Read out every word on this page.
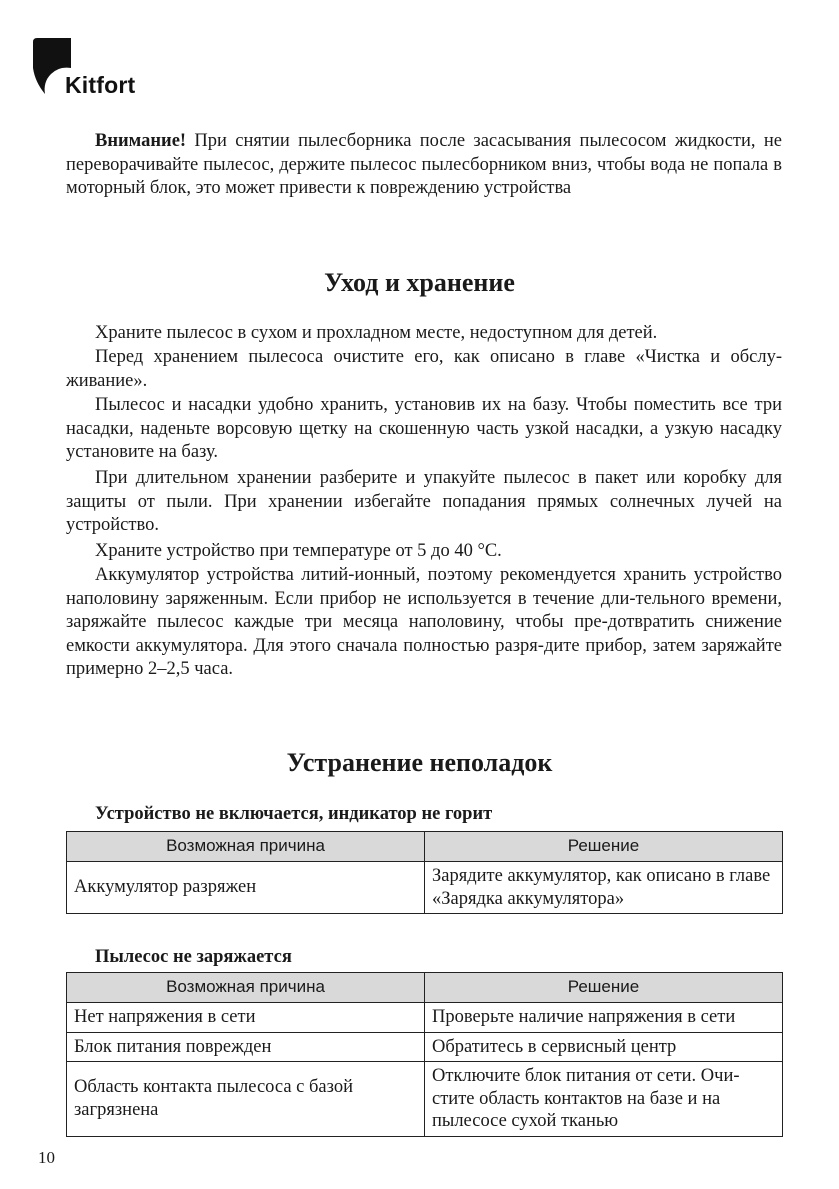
Kitfort

Внимание! При снятии пылесборника после засасывания пылесосом жидкости, не переворачивайте пылесос, держите пылесос пылесборником вниз, чтобы вода не попала в моторный блок, это может привести к повреждению устройства

Уход и хранение

Храните пылесос в сухом и прохладном месте, недоступном для детей.

Перед хранением пылесоса очистите его, как описано в главе «Чистка и обслу-живание».

Пылесос и насадки удобно хранить, установив их на базу. Чтобы поместить все три насадки, наденьте ворсовую щетку на скошенную часть узкой насадки, а узкую насадку установите на базу.

При длительном хранении разберите и упакуйте пылесос в пакет или коробку для защиты от пыли. При хранении избегайте попадания прямых солнечных лучей на устройство.

Храните устройство при температуре от 5 до 40 °C.

Аккумулятор устройства литий-ионный, поэтому рекомендуется хранить устройство наполовину заряженным. Если прибор не используется в течение дли-тельного времени, заряжайте пылесос каждые три месяца наполовину, чтобы пре-дотвратить снижение емкости аккумулятора. Для этого сначала полностью разря-дите прибор, затем заряжайте примерно 2–2,5 часа.

Устранение неполадок
Устройство не включается, индикатор не горит
Возможная причина	Решение
Аккумулятор разряжен	Зарядите аккумулятор, как описано в главе «Зарядка аккумулятора»
Пылесос не заряжается
Возможная причина	Решение
Нет напряжения в сети	Проверьте наличие напряжения в сети
Блок питания поврежден	Обратитесь в сервисный центр
Область контакта пылесоса с базой загрязнена	Отключите блок питания от сети. Очи-стите область контактов на базе и на пылесосе сухой тканью
10
